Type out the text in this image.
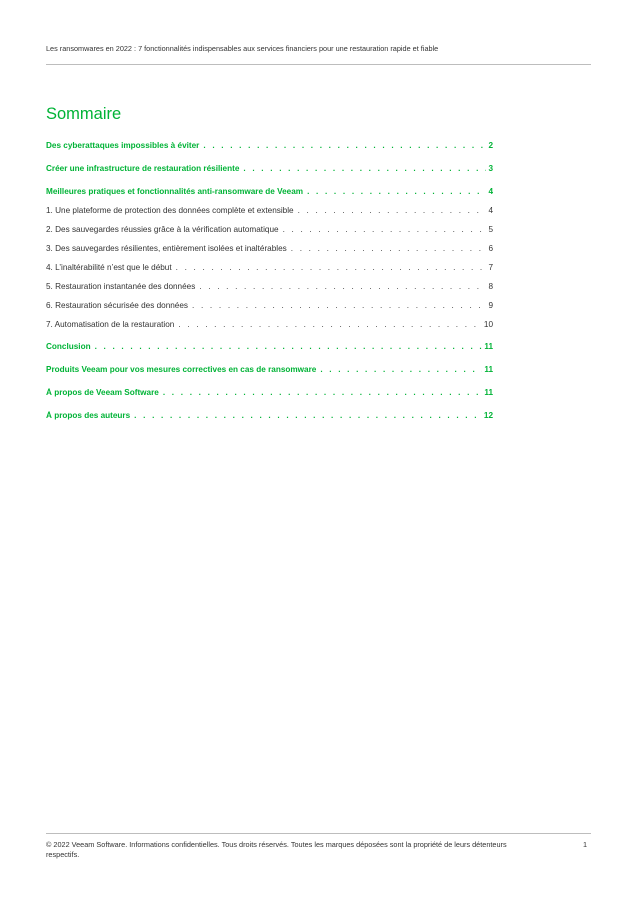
Les ransomwares en 2022 : 7 fonctionnalités indispensables aux services financiers pour une restauration rapide et fiable
Sommaire
Des cyberattaques impossibles à éviter . . .	2
Créer une infrastructure de restauration résiliente . . .	3
Meilleures pratiques et fonctionnalités anti-ransomware de Veeam . . .	4
1. Une plateforme de protection des données complète et extensible . . .	4
2. Des sauvegardes réussies grâce à la vérification automatique . . .	5
3. Des sauvegardes résilientes, entièrement isolées et inaltérables . . .	6
4. L’inaltérabilité n’est que le début . . .	7
5. Restauration instantanée des données . . .	8
6. Restauration sécurisée des données . . .	9
7. Automatisation de la restauration . . .	10
Conclusion . . .	11
Produits Veeam pour vos mesures correctives en cas de ransomware . . .	11
À propos de Veeam Software . . .	11
À propos des auteurs . . .	12
© 2022 Veeam Software. Informations confidentielles. Tous droits réservés. Toutes les marques déposées sont la propriété de leurs détenteurs respectifs.
1
